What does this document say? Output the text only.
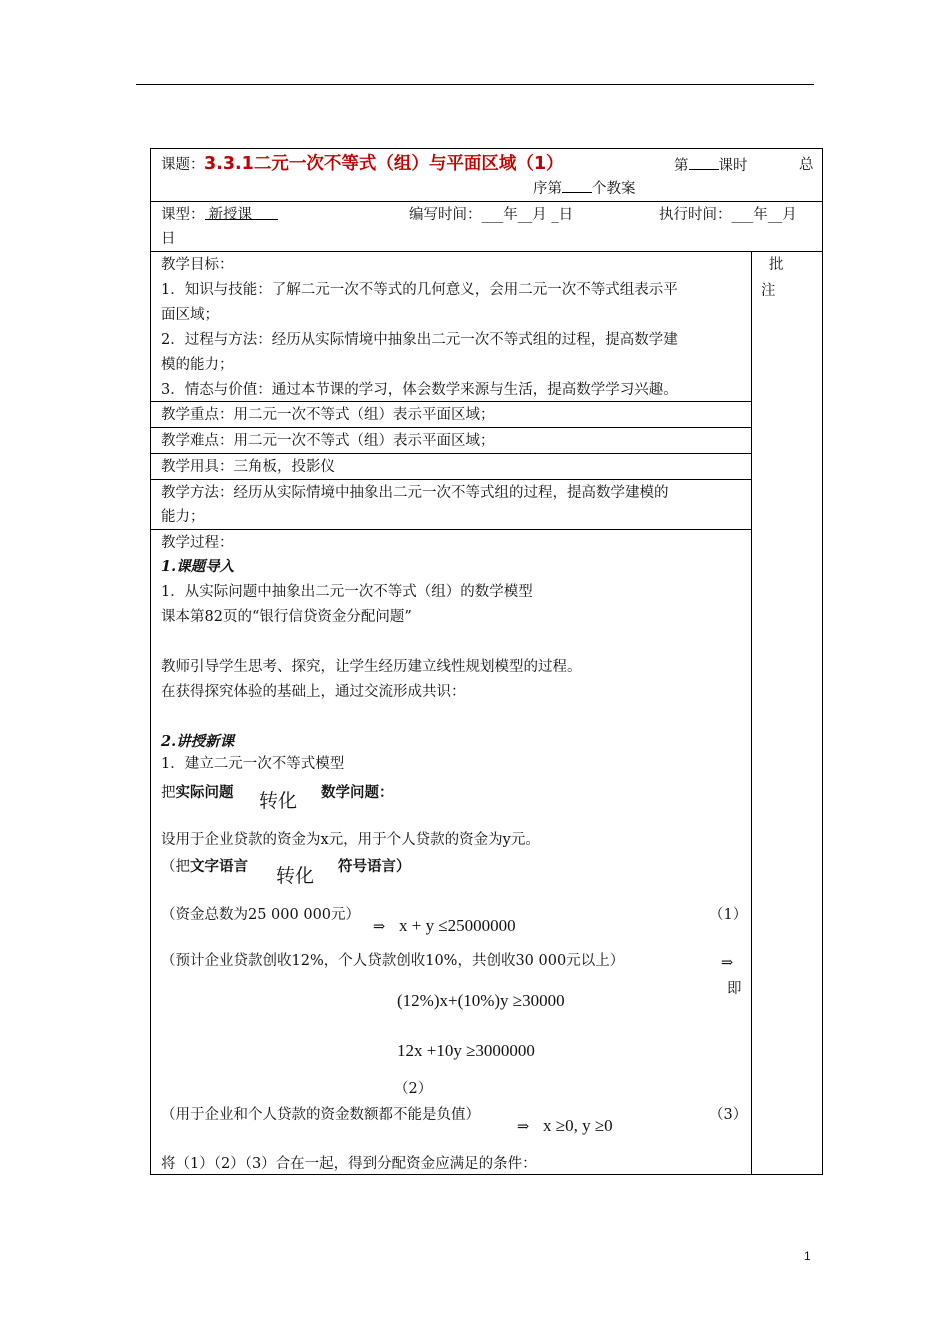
课题： 3.3.1二元一次不等式（组）与平面区域（1）	第 课时	总
序第 个教案
课型： 新授课	编写时间：___年__月 _日	执行时间：___年__月
日
批
注
教学目标：
1．知识与技能：了解二元一次不等式的几何意义，会用二元一次不等式组表示平
面区域；
2．过程与方法：经历从实际情境中抽象出二元一次不等式组的过程，提高数学建
模的能力；
3．情态与价值：通过本节课的学习，体会数学来源与生活，提高数学学习兴趣。
教学重点：用二元一次不等式（组）表示平面区域；
教学难点：用二元一次不等式（组）表示平面区域；
教学用具：三角板，投影仪
教学方法：经历从实际情境中抽象出二元一次不等式组的过程，提高数学建模的
能力；
教学过程：
1.课题导入
1．从实际问题中抽象出二元一次不等式（组）的数学模型
课本第82页的“银行信贷资金分配问题”
教师引导学生思考、探究，让学生经历建立线性规划模型的过程。
在获得探究体验的基础上，通过交流形成共识：
2.讲授新课
1．建立二元一次不等式模型
把实际问题 转化 数学问题：
设用于企业贷款的资金为x元，用于个人贷款的资金为y元。
（把文字语言 转化 符号语言）
（资金总数为25 000 000元）
⇒ x + y ≤25000000
（1）
（预计企业贷款创收12%，个人贷款创收10%，共创收30 000元以上）	⇒
即
(12%)x+(10%)y ≥30000
12x +10y ≥3000000
（2）
（用于企业和个人贷款的资金数额都不能是负值）
⇒ x ≥0, y ≥0
（3）
将（1）（2）（3）合在一起，得到分配资金应满足的条件：
1
